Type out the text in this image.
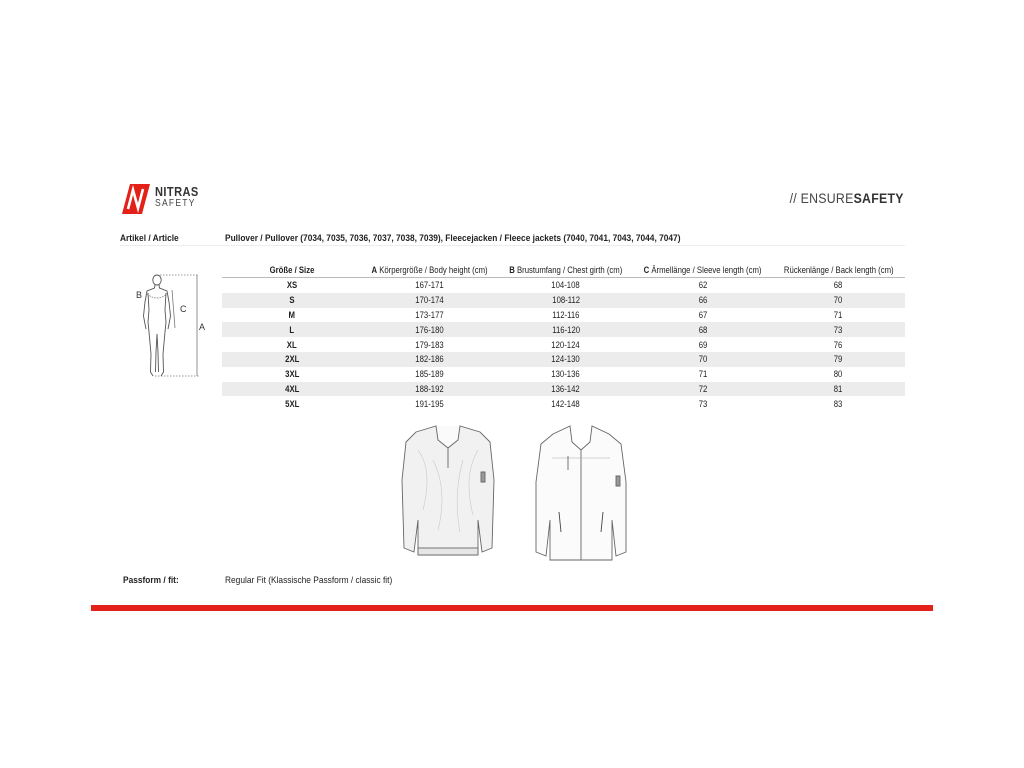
NITRAS
SAFETY	// ENSURESAFETY
Artikel / Article	Pullover / Pullover (7034, 7035, 7036, 7037, 7038, 7039), Fleecejacken / Fleece jackets (7040, 7041, 7043, 7044, 7047)
B
C
A
Größe / Size	A Körpergröße / Body height (cm)	B Brustumfang / Chest girth (cm)	C Ärmellänge / Sleeve length (cm)	Rückenlänge / Back length (cm)
XS	167-171	104-108	62	68
S	170-174	108-112	66	70
M	173-177	112-116	67	71
L	176-180	116-120	68	73
XL	179-183	120-124	69	76
2XL	182-186	124-130	70	79
3XL	185-189	130-136	71	80
4XL	188-192	136-142	72	81
5XL	191-195	142-148	73	83
Passform / fit:	Regular Fit (Klassische Passform / classic fit)
